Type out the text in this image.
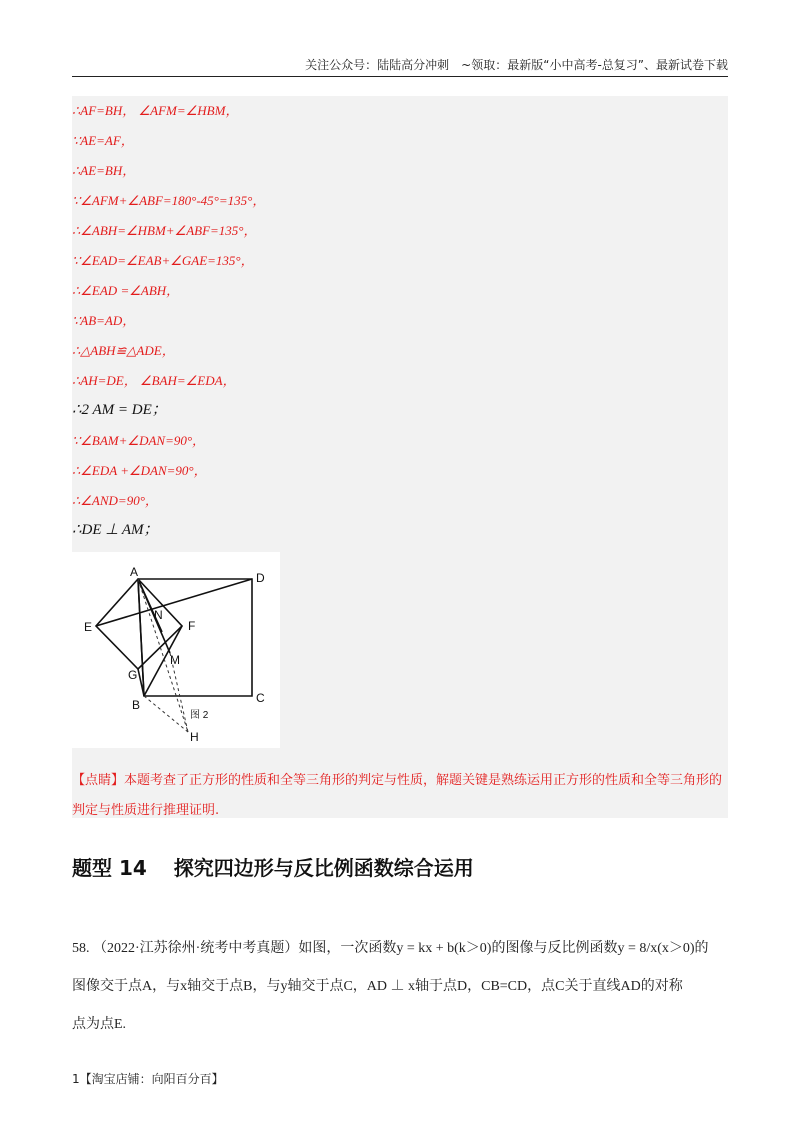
关注公众号：陆陆高分冲刺　~领取：最新版“小中高考-总复习”、最新试卷下载
∴AF=BH， ∠AFM=∠HBM，
∵AE=AF，
∴AE=BH，
∵∠AFM+∠ABF=180°-45°=135°，
∴∠ABH=∠HBM+∠ABF=135°，
∵∠EAD=∠EAB+∠GAE=135°，
∴∠EAD =∠ABH，
∵AB=AD，
∴△ABH≌△ADE，
∴AH=DE， ∠BAH=∠EDA，
∴2 AM = DE；
∵∠BAM+∠DAN=90°，
∴∠EDA +∠DAN=90°，
∴∠AND=90°，
∴DE ⊥ AM；
A	D
E
N
F
M
G
B	C
H
图 2
【点睛】本题考查了正方形的性质和全等三角形的判定与性质，解题关键是熟练运用正方形的性质和全等三角形的判定与性质进行推理证明.
题型 14　 探究四边形与反比例函数综合运用
58. （2022·江苏徐州·统考中考真题）如图，一次函数y = kx + b(k＞0)的图像与反比例函数y = 8/x(x＞0)的
图像交于点A，与x轴交于点B，与y轴交于点C，AD ⊥ x轴于点D，CB=CD，点C关于直线AD的对称
点为点E.
1【淘宝店铺：向阳百分百】
